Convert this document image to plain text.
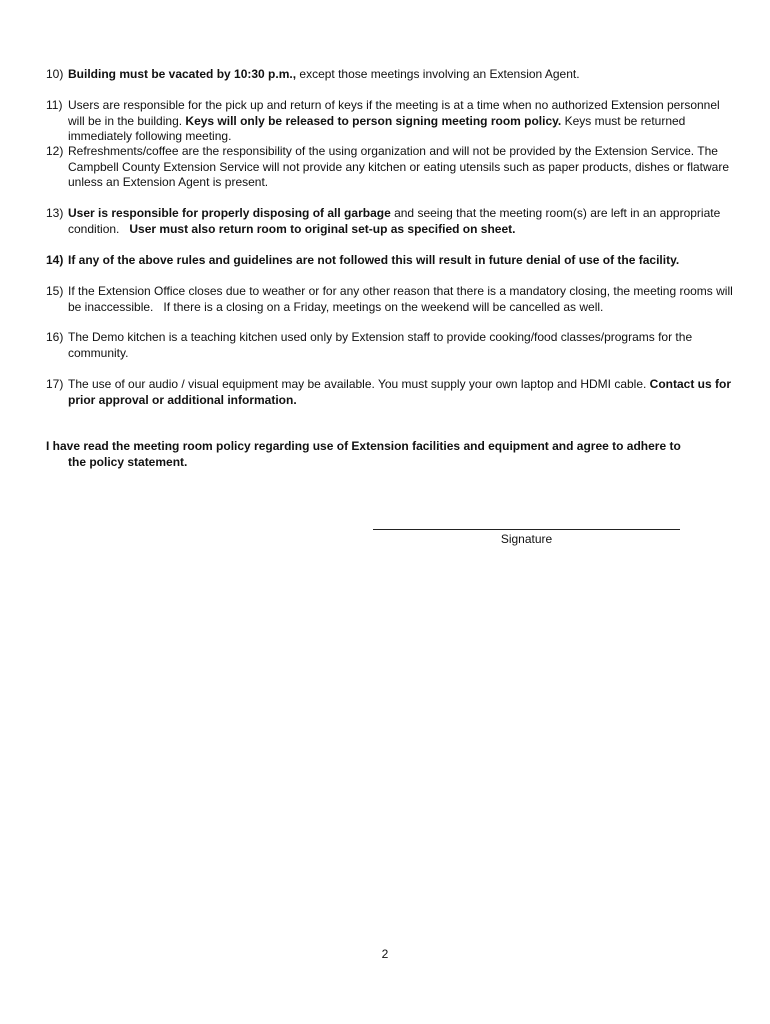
10) Building must be vacated by 10:30 p.m., except those meetings involving an Extension Agent.
11) Users are responsible for the pick up and return of keys if the meeting is at a time when no authorized Extension personnel will be in the building. Keys will only be released to person signing meeting room policy. Keys must be returned immediately following meeting.
12) Refreshments/coffee are the responsibility of the using organization and will not be provided by the Extension Service. The Campbell County Extension Service will not provide any kitchen or eating utensils such as paper products, dishes or flatware unless an Extension Agent is present.
13) User is responsible for properly disposing of all garbage and seeing that the meeting room(s) are left in an appropriate condition.   User must also return room to original set-up as specified on sheet.
14) If any of the above rules and guidelines are not followed this will result in future denial of use of the facility.
15) If the Extension Office closes due to weather or for any other reason that there is a mandatory closing, the meeting rooms will be inaccessible.   If there is a closing on a Friday, meetings on the weekend will be cancelled as well.
16) The Demo kitchen is a teaching kitchen used only by Extension staff to provide cooking/food classes/programs for the community.
17) The use of our audio / visual equipment may be available. You must supply your own laptop and HDMI cable. Contact us for prior approval or additional information.
I have read the meeting room policy regarding use of Extension facilities and equipment and agree to adhere to
the policy statement.
Signature
2
